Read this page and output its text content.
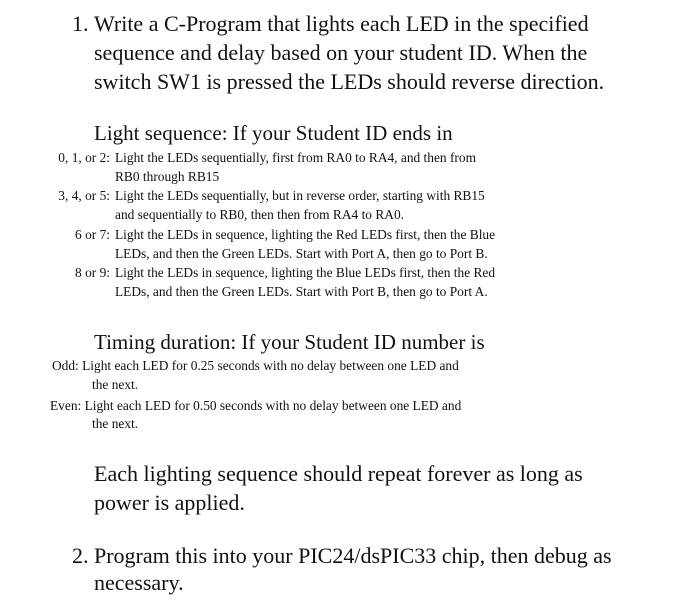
1. Write a C-Program that lights each LED in the specified
sequence and delay based on your student ID. When the
switch SW1 is pressed the LEDs should reverse direction.
Light sequence: If your Student ID ends in
0, 1, or 2: Light the LEDs sequentially, first from RA0 to RA4, and then from
RB0 through RB15
3, 4, or 5: Light the LEDs sequentially, but in reverse order, starting with RB15
and sequentially to RB0, then then from RA4 to RA0.
6 or 7: Light the LEDs in sequence, lighting the Red LEDs first, then the Blue
LEDs, and then the Green LEDs. Start with Port A, then go to Port B.
8 or 9: Light the LEDs in sequence, lighting the Blue LEDs first, then the Red
LEDs, and then the Green LEDs. Start with Port B, then go to Port A.
Timing duration: If your Student ID number is
Odd: Light each LED for 0.25 seconds with no delay between one LED and
the next.
Even: Light each LED for 0.50 seconds with no delay between one LED and
the next.
Each lighting sequence should repeat forever as long as
power is applied.
2. Program this into your PIC24/dsPIC33 chip, then debug as
necessary.
